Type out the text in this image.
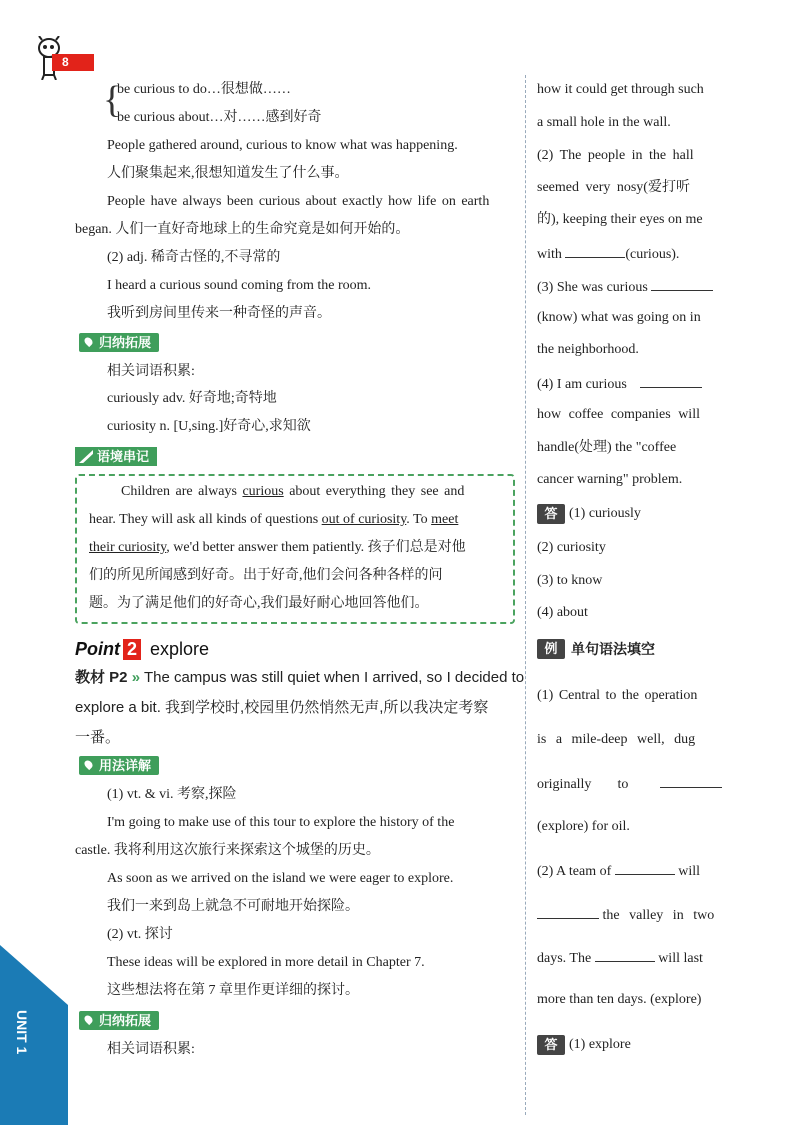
8
{
be curious to do…很想做……
be curious about…对……感到好奇
People gathered around, curious to know what was happening.
人们聚集起来,很想知道发生了什么事。
People have always been curious about exactly how life on earth
began. 人们一直好奇地球上的生命究竟是如何开始的。
(2) adj. 稀奇古怪的,不寻常的
I heard a curious sound coming from the room.
我听到房间里传来一种奇怪的声音。
归纳拓展
相关词语积累:
curiously adv. 好奇地;奇特地
curiosity n. [U,sing.]好奇心,求知欲
语境串记
Children are always curious about everything they see and
hear. They will ask all kinds of questions out of curiosity. To meet
their curiosity, we'd better answer them patiently. 孩子们总是对他
们的所见所闻感到好奇。出于好奇,他们会问各种各样的问
题。为了满足他们的好奇心,我们最好耐心地回答他们。
Point 2 explore
教材 P2 » The campus was still quiet when I arrived, so I decided to
explore a bit. 我到学校时,校园里仍然悄然无声,所以我决定考察
一番。
用法详解
(1) vt. & vi. 考察,探险
I'm going to make use of this tour to explore the history of the
castle. 我将利用这次旅行来探索这个城堡的历史。
As soon as we arrived on the island we were eager to explore.
我们一来到岛上就急不可耐地开始探险。
(2) vt. 探讨
These ideas will be explored in more detail in Chapter 7.
这些想法将在第 7 章里作更详细的探讨。
归纳拓展
相关词语积累:
UNIT 1
how it could get through such
a small hole in the wall.
(2) The people in the hall
seemed very nosy(爱打听
的), keeping their eyes on me
with	(curious).
(3) She was curious
(know) what was going on in
the neighborhood.
(4) I am curious
how coffee companies will
handle(处理) the "coffee
cancer warning" problem.
答 (1) curiously
(2) curiosity
(3) to know
(4) about
例 单句语法填空
(1) Central to the operation
is a mile-deep well, dug
originally to
(explore) for oil.
(2) A team of	will
the valley in two
days. The	will last
more than ten days. (explore)
答 (1) explore
